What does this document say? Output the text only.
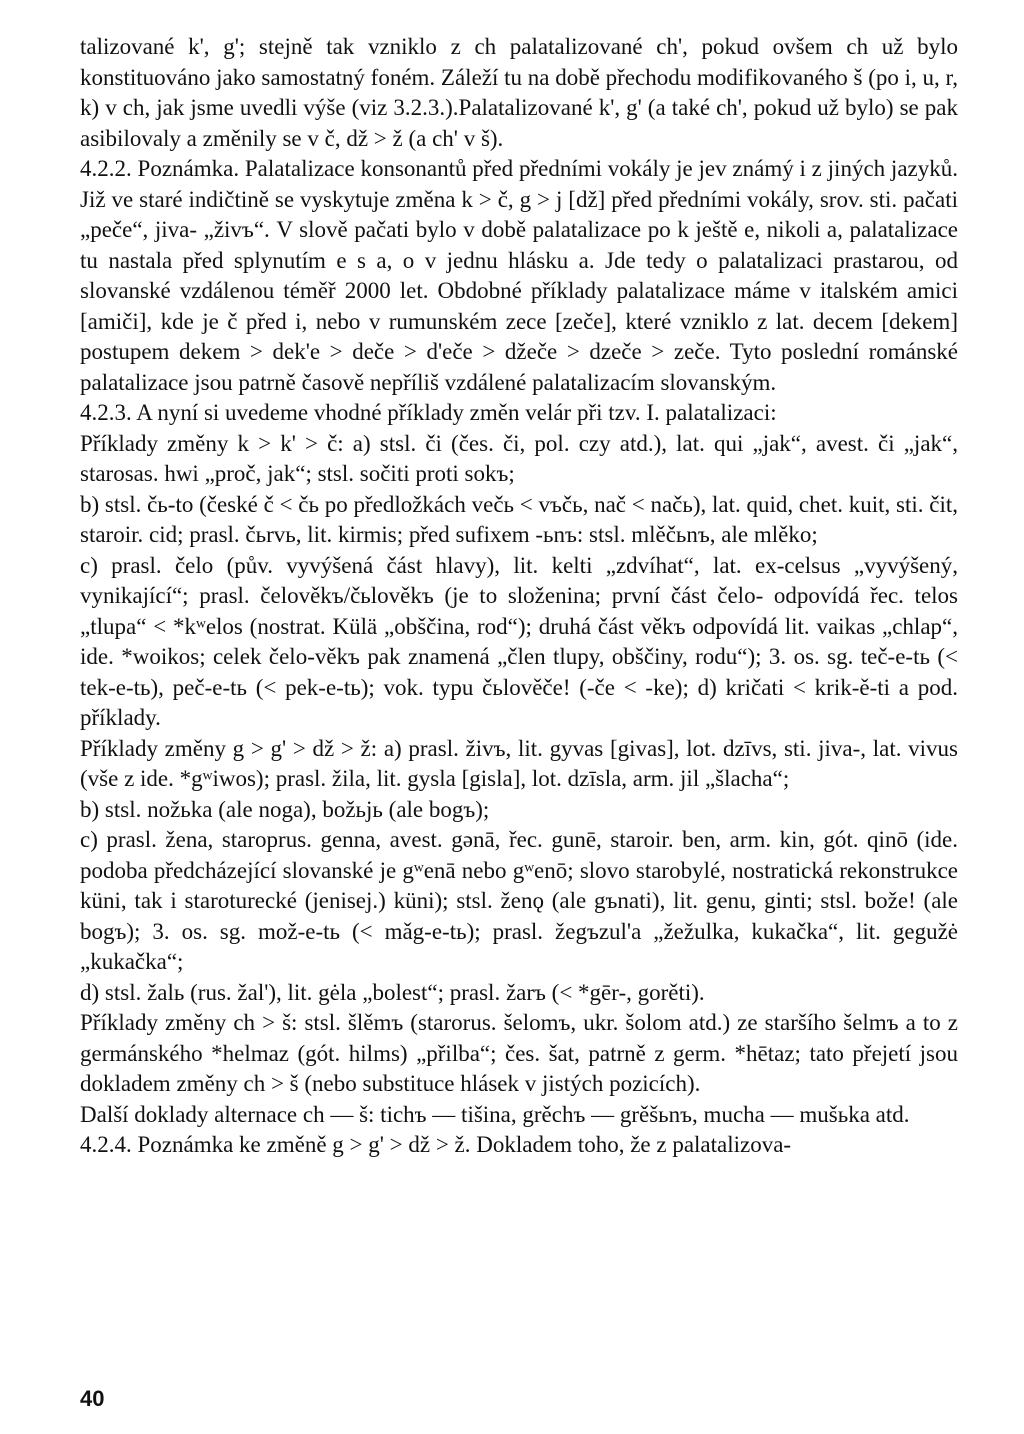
talizované k', g'; stejně tak vzniklo z ch palatalizované ch', pokud ovšem ch už bylo konstituováno jako samostatný foném. Záleží tu na době přechodu modifikovaného š (po i, u, r, k) v ch, jak jsme uvedli výše (viz 3.2.3.).Palatalizované k', g' (a také ch', pokud už bylo) se pak asibilovaly a změnily se v č, dž > ž (a ch' v š).

4.2.2. Poznámka. Palatalizace konsonantů před předními vokály je jev známý i z jiných jazyků. Již ve staré indičtině se vyskytuje změna k > č, g > j [dž] před předními vokály, srov. sti. pačati „peče“, jiva- „živъ“. V slově pačati bylo v době palatalizace po k ještě e, nikoli a, palatalizace tu nastala před splynutím e s a, o v jednu hlásku a. Jde tedy o palatalizaci prastarou, od slovanské vzdálenou téměř 2000 let. Obdobné příklady palatalizace máme v italském amici [amiči], kde je č před i, nebo v rumunském zece [zeče], které vzniklo z lat. decem [dekem] postupem dekem > dek'e > deče > d'eče > džeče > dzeče > zeče. Tyto poslední románské palatalizace jsou patrně časově nepříliš vzdálené palatalizacím slovanským.

4.2.3. A nyní si uvedeme vhodné příklady změn velár při tzv. I. palatalizaci:

Příklady změny k > k' > č: a) stsl. či (čes. či, pol. czy atd.), lat. qui „jak“, avest. či „jak“, starosas. hwi „proč, jak“; stsl. sočiti proti sokъ;

b) stsl. čь-to (české č < čь po předložkách večь < vъčь, nač < načь), lat. quid, chet. kuit, sti. čit, staroir. cid; prasl. čьrvь, lit. kirmis; před sufixem -ьnъ: stsl. mlěčьnъ, ale mlěko;

c) prasl. čelo (pův. vyvýšená část hlavy), lit. kelti „zdvíhat“, lat. ex-celsus „vyvýšený, vynikající“; prasl. čelověkъ/čьlověkъ (je to složenina; první část čelo- odpovídá řec. telos „tlupa“ < *kʷelos (nostrat. Külä „obščina, rod“); druhá část věkъ odpovídá lit. vaikas „chlap“, ide. *woikos; celek čelo-věkъ pak znamená „člen tlupy, obščiny, rodu“); 3. os. sg. teč-e-tь (< tek-e-tь), peč-e-tь (< pek-e-tь); vok. typu čьlověče! (-če < -ke); d) kričati < krik-ě-ti a pod. příklady.

Příklady změny g > g' > dž > ž: a) prasl. živъ, lit. gyvas [givas], lot. dzīvs, sti. jiva-, lat. vivus (vše z ide. *gʷiwos); prasl. žila, lit. gysla [gisla], lot. dzīsla, arm. jil „šlacha“;

b) stsl. nožьka (ale noga), božьjь (ale bogъ);

c) prasl. žena, staroprus. genna, avest. gənā, řec. gunē, staroir. ben, arm. kin, gót. qinō (ide. podoba předcházející slovanské je gʷenā nebo gʷenō; slovo starobylé, nostratická rekonstrukce küni, tak i staroturecké (jenisej.) küni); stsl. ženǫ (ale gъnati), lit. genu, ginti; stsl. bože! (ale bogъ); 3. os. sg. mož-e-tь (< mǎg-e-tь); prasl. žegъzul'a „žežulka, kukačka“, lit. gegužė „kukačka“;

d) stsl. žalь (rus. žal'), lit. gėla „bolest“; prasl. žarъ (< *gēr-, gorěti).

Příklady změny ch > š: stsl. šlěmъ (starorus. šelomъ, ukr. šolom atd.) ze staršího šelmъ a to z germánského *helmaz (gót. hilms) „přilba“; čes. šat, patrně z germ. *hētaz; tato přejetí jsou dokladem změny ch > š (nebo substituce hlásek v jistých pozicích).

Další doklady alternace ch — š: tichъ — tišina, grěchъ — grěšьnъ, mucha — mušьka atd.

4.2.4. Poznámka ke změně g > g' > dž > ž. Dokladem toho, že z palatalizova-

40
